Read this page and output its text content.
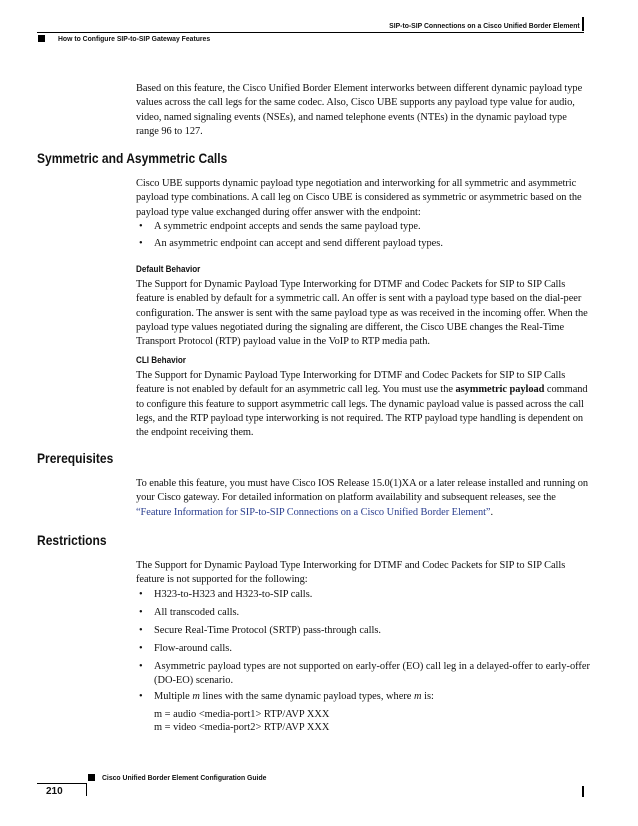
SIP-to-SIP Connections on a Cisco Unified Border Element
How to Configure SIP-to-SIP Gateway Features

Based on this feature, the Cisco Unified Border Element interworks between different dynamic payload type values across the call legs for the same codec. Also, Cisco UBE supports any payload type value for audio, video, named signaling events (NSEs), and named telephone events (NTEs) in the dynamic payload type range 96 to 127.

Symmetric and Asymmetric Calls

Cisco UBE supports dynamic payload type negotiation and interworking for all symmetric and asymmetric payload type combinations. A call leg on Cisco UBE is considered as symmetric or asymmetric based on the payload type value exchanged during offer answer with the endpoint:

• A symmetric endpoint accepts and sends the same payload type.
• An asymmetric endpoint can accept and send different payload types.
Default Behavior

The Support for Dynamic Payload Type Interworking for DTMF and Codec Packets for SIP to SIP Calls feature is enabled by default for a symmetric call. An offer is sent with a payload type based on the dial-peer configuration. The answer is sent with the same payload type as was received in the incoming offer. When the payload type values negotiated during the signaling are different, the Cisco UBE changes the Real-Time Transport Protocol (RTP) payload value in the VoIP to RTP media path.

CLI Behavior

The Support for Dynamic Payload Type Interworking for DTMF and Codec Packets for SIP to SIP Calls feature is not enabled by default for an asymmetric call leg. You must use the asymmetric payload command to configure this feature to support asymmetric call legs. The dynamic payload value is passed across the call legs, and the RTP payload type interworking is not required. The RTP payload type handling is dependent on the endpoint receiving them.

Prerequisites

To enable this feature, you must have Cisco IOS Release 15.0(1)XA or a later release installed and running on your Cisco gateway. For detailed information on platform availability and subsequent releases, see the “Feature Information for SIP-to-SIP Connections on a Cisco Unified Border Element”.

Restrictions

The Support for Dynamic Payload Type Interworking for DTMF and Codec Packets for SIP to SIP Calls feature is not supported for the following:

• H323-to-H323 and H323-to-SIP calls.
• All transcoded calls.
• Secure Real-Time Protocol (SRTP) pass-through calls.
• Flow-around calls.
• Asymmetric payload types are not supported on early-offer (EO) call leg in a delayed-offer to early-offer (DO-EO) scenario.
• Multiple m lines with the same dynamic payload types, where m is:
m = audio <media-port1> RTP/AVP XXX
m = video <media-port2> RTP/AVP XXX
Cisco Unified Border Element Configuration Guide
210
